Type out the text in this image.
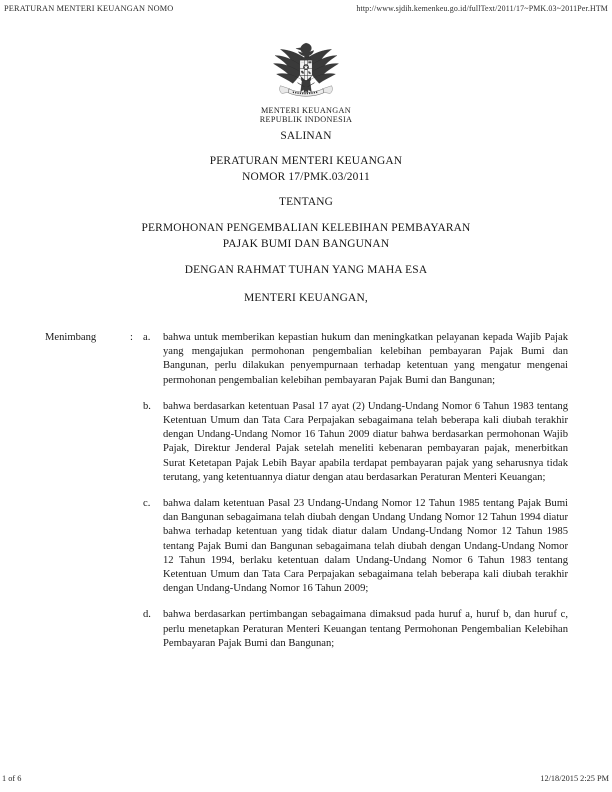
PERATURAN MENTERI KEUANGAN NOMO	http://www.sjdih.kemenkeu.go.id/fullText/2011/17~PMK.03~2011Per.HTM
MENTERI KEUANGAN
REPUBLIK INDONESIA
SALINAN
PERATURAN MENTERI KEUANGAN
NOMOR 17/PMK.03/2011
TENTANG
PERMOHONAN PENGEMBALIAN KELEBIHAN PEMBAYARAN
PAJAK BUMI DAN BANGUNAN
DENGAN RAHMAT TUHAN YANG MAHA ESA
MENTERI KEUANGAN,
Menimbang	: a.	bahwa untuk memberikan kepastian hukum dan meningkatkan pelayanan kepada Wajib Pajak yang mengajukan permohonan pengembalian kelebihan pembayaran Pajak Bumi dan Bangunan, perlu dilakukan penyempurnaan terhadap ketentuan yang mengatur mengenai permohonan pengembalian kelebihan pembayaran Pajak Bumi dan Bangunan;
b.	bahwa berdasarkan ketentuan Pasal 17 ayat (2) Undang-Undang Nomor 6 Tahun 1983 tentang Ketentuan Umum dan Tata Cara Perpajakan sebagaimana telah beberapa kali diubah terakhir dengan Undang-Undang Nomor 16 Tahun 2009 diatur bahwa berdasarkan permohonan Wajib Pajak, Direktur Jenderal Pajak setelah meneliti kebenaran pembayaran pajak, menerbitkan Surat Ketetapan Pajak Lebih Bayar apabila terdapat pembayaran pajak yang seharusnya tidak terutang, yang ketentuannya diatur dengan atau berdasarkan Peraturan Menteri Keuangan;
c.	bahwa dalam ketentuan Pasal 23 Undang-Undang Nomor 12 Tahun 1985 tentang Pajak Bumi dan Bangunan sebagaimana telah diubah dengan Undang Undang Nomor 12 Tahun 1994 diatur bahwa terhadap ketentuan yang tidak diatur dalam Undang-Undang Nomor 12 Tahun 1985 tentang Pajak Bumi dan Bangunan sebagaimana telah diubah dengan Undang-Undang Nomor 12 Tahun 1994, berlaku ketentuan dalam Undang-Undang Nomor 6 Tahun 1983 tentang Ketentuan Umum dan Tata Cara Perpajakan sebagaimana telah beberapa kali diubah terakhir dengan Undang-Undang Nomor 16 Tahun 2009;
d.	bahwa berdasarkan pertimbangan sebagaimana dimaksud pada huruf a, huruf b, dan huruf c, perlu menetapkan Peraturan Menteri Keuangan tentang Permohonan Pengembalian Kelebihan Pembayaran Pajak Bumi dan Bangunan;
1 of 6	12/18/2015 2:25 PM
